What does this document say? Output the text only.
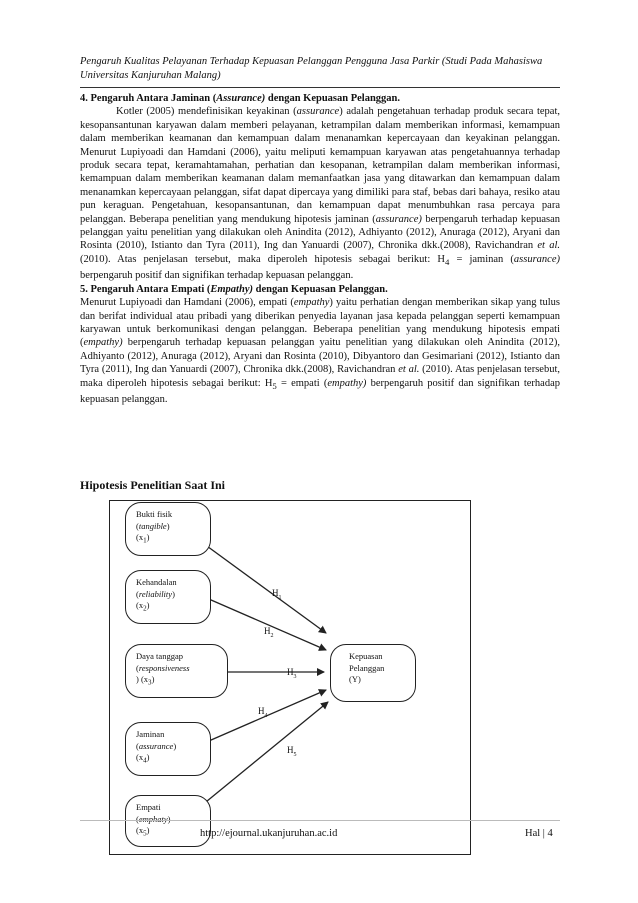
Pengaruh Kualitas Pelayanan Terhadap Kepuasan Pelanggan Pengguna Jasa Parkir (Studi Pada Mahasiswa Universitas Kanjuruhan Malang)

4. Pengaruh Antara Jaminan (Assurance) dengan Kepuasan Pelanggan.

Kotler (2005) mendefinisikan keyakinan (assurance) adalah pengetahuan terhadap produk secara tepat, kesopansantunan karyawan dalam memberi pelayanan, ketrampilan dalam memberikan informasi, kemampuan dalam memberikan keamanan dan kemampuan dalam menanamkan kepercayaan dan keyakinan pelanggan. Menurut Lupiyoadi dan Hamdani (2006), yaitu meliputi kemampuan karyawan atas pengetahuannya terhadap produk secara tepat, keramahtamahan, perhatian dan kesopanan, ketrampilan dalam memberikan informasi, kemampuan dalam memberikan keamanan dalam memanfaatkan jasa yang ditawarkan dan kemampuan dalam menanamkan kepercayaan pelanggan, sifat dapat dipercaya yang dimiliki para staf, bebas dari bahaya, resiko atau pun keraguan. Pengetahuan, kesopansantunan, dan kemampuan dapat menumbuhkan rasa percaya para pelanggan. Beberapa penelitian yang mendukung hipotesis jaminan (assurance) berpengaruh terhadap kepuasan pelanggan yaitu penelitian yang dilakukan oleh Anindita (2012), Adhiyanto (2012), Anuraga (2012), Aryani dan Rosinta (2010), Istianto dan Tyra (2011), Ing dan Yanuardi (2007), Chronika dkk.(2008), Ravichandran et al. (2010). Atas penjelasan tersebut, maka diperoleh hipotesis sebagai berikut: $H_4$ = jaminan (assurance) berpengaruh positif dan signifikan terhadap kepuasan pelanggan.

5. Pengaruh Antara Empati (Empathy) dengan Kepuasan Pelanggan.

Menurut Lupiyoadi dan Hamdani (2006), empati (empathy) yaitu perhatian dengan memberikan sikap yang tulus dan berifat individual atau pribadi yang diberikan penyedia layanan jasa kepada pelanggan seperti kemampuan karyawan untuk berkomunikasi dengan pelanggan. Beberapa penelitian yang mendukung hipotesis empati (empathy) berpengaruh terhadap kepuasan pelanggan yaitu penelitian yang dilakukan oleh Anindita (2012), Adhiyanto (2012), Anuraga (2012), Aryani dan Rosinta (2010), Dibyantoro dan Gesimariani (2012), Istianto dan Tyra (2011), Ing dan Yanuardi (2007), Chronika dkk.(2008), Ravichandran et al. (2010). Atas penjelasan tersebut, maka diperoleh hipotesis sebagai berikut: $H_5$ = empati (empathy) berpengaruh positif dan signifikan terhadap kepuasan pelanggan.

Hipotesis Penelitian Saat Ini
Bukti fisik
(tangible)
$(x_1)$
Kehandalan
(reliability)
$(x_2)$
Daya tanggap
(responsiveness
) $(x_3)$
Jaminan
(assurance)
$(x_4)$
Empati
(emphaty)
$(x_5)$
Kepuasan
Pelanggan
(Y)
$H_1$
$H_2$
$H_3$
$H_4$
$H_5$
http://ejournal.ukanjuruhan.ac.id	Hal | 4
